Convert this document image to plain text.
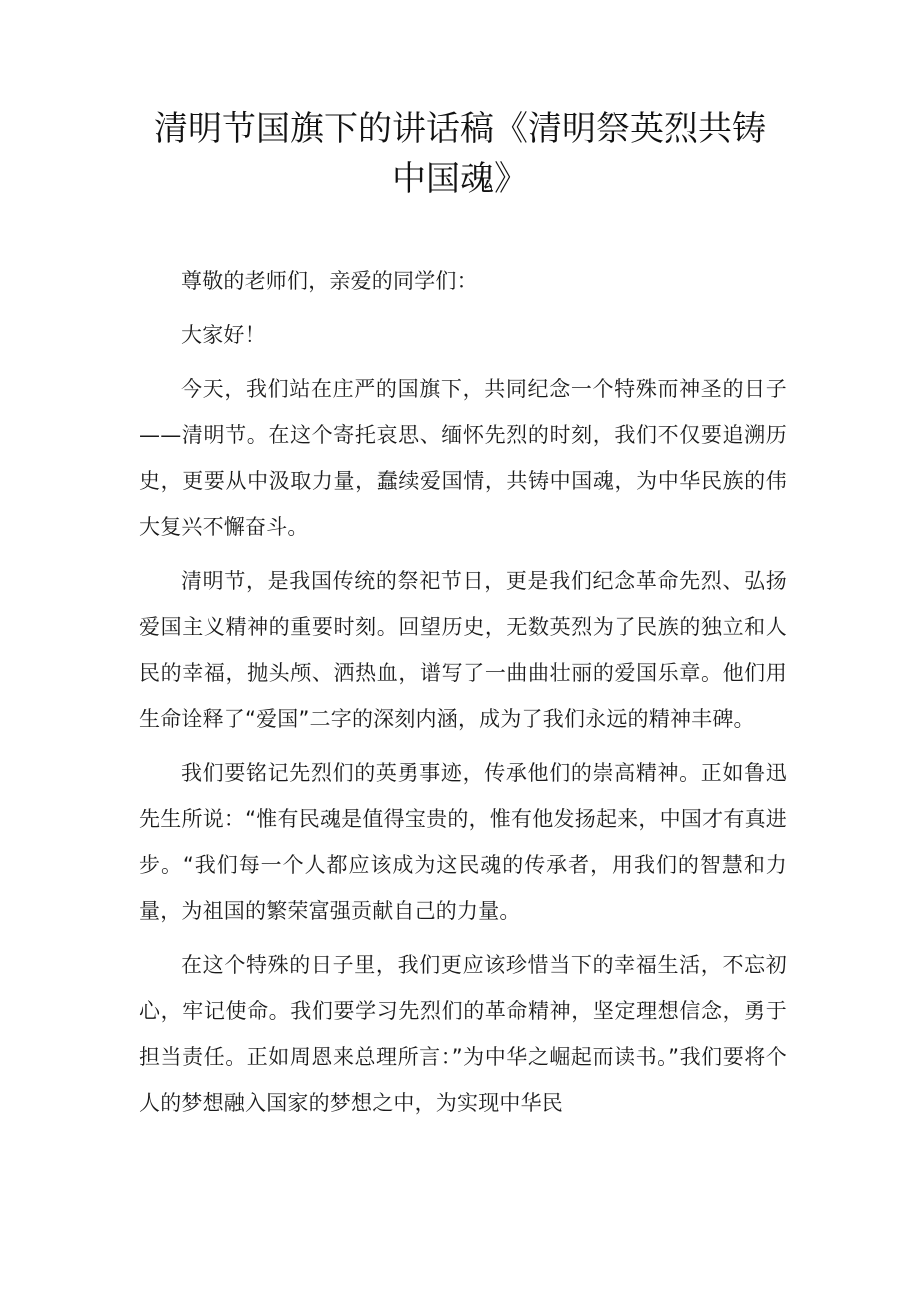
清明节国旗下的讲话稿《清明祭英烈共铸
中国魂》

尊敬的老师们，亲爱的同学们：

大家好！

今天，我们站在庄严的国旗下，共同纪念一个特殊而神圣的日子——清明节。在这个寄托哀思、缅怀先烈的时刻，我们不仅要追溯历史，更要从中汲取力量，蠢续爱国情，共铸中国魂，为中华民族的伟大复兴不懈奋斗。

清明节，是我国传统的祭祀节日，更是我们纪念革命先烈、弘扬爱国主义精神的重要时刻。回望历史，无数英烈为了民族的独立和人民的幸福，抛头颅、洒热血，谱写了一曲曲壮丽的爱国乐章。他们用生命诠释了“爱国”二字的深刻内涵，成为了我们永远的精神丰碑。

我们要铭记先烈们的英勇事迹，传承他们的崇高精神。正如鲁迅先生所说：“惟有民魂是值得宝贵的，惟有他发扬起来，中国才有真进步。“我们每一个人都应该成为这民魂的传承者，用我们的智慧和力量，为祖国的繁荣富强贡献自己的力量。

在这个特殊的日子里，我们更应该珍惜当下的幸福生活，不忘初心，牢记使命。我们要学习先烈们的革命精神，坚定理想信念，勇于担当责任。正如周恩来总理所言：”为中华之崛起而读书。”我们要将个人的梦想融入国家的梦想之中，为实现中华民
